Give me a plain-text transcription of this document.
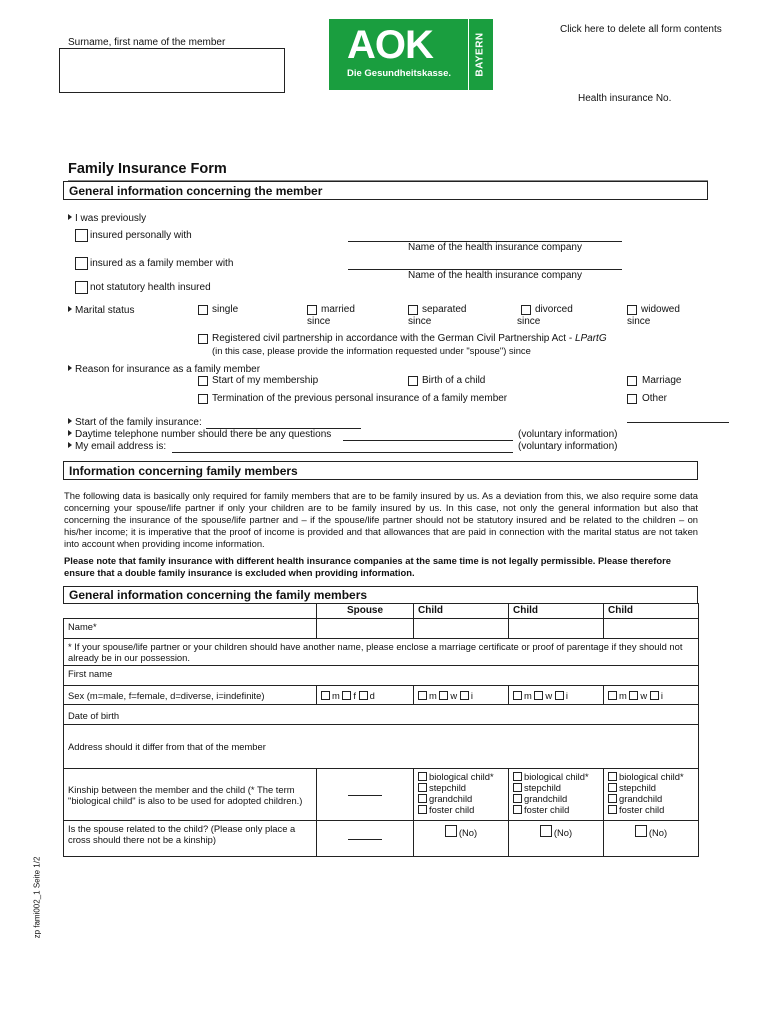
Click here to delete all form contents
Surname, first name of the member	AOK
Die Gesundheitskasse. BAYERN
Health insurance No.
Family Insurance Form
General information concerning the member
I was previously
insured personally with
Name of the health insurance company
insured as a family member with
Name of the health insurance company
not statutory health insured
Marital status	single	married
since
separated
since
divorced
since
widowed
since
Registered civil partnership in accordance with the German Civil Partnership Act - LPartG
(in this case, please provide the information requested under "spouse") since
Reason for insurance as a family member
Start of my membership	Birth of a child	Marriage
Termination of the previous personal insurance of a family member	Other
Start of the family insurance:
Daytime telephone number should there be any questions	(voluntary information)
My email address is:	(voluntary information)
Information concerning family members
The following data is basically only required for family members that are to be family insured by us. As a deviation from this, we also require some data concerning your spouse/life partner if only your children are to be family insured by us. In this case, not only the general information but also that concerning the insurance of the spouse/life partner and – if the spouse/life partner should not be statutory insured and be related to the children – on his/her income; it is imperative that the proof of income is provided and that allowances that are paid in connection with the marital status are not taken into account when providing income information.
Please note that family insurance with different health insurance companies at the same time is not legally permissible. Please therefore ensure that a double family insurance is excluded when providing information.
General information concerning the family members
	Spouse	Child	Child	Child
Name*				
* If your spouse/life partner or your children should have another name, please enclose a marriage certificate or proof of parentage if they should not already be in our possession.				
First name				
Sex (m=male, f=female, d=diverse, i=indefinite)	m f d	m w i	m w i	m w i
Date of birth				
Address should it differ from that of the member				
Kinship between the member and the child (* The term "biological child" is also to be used for adopted children.)		biological child*
stepchild
grandchild
foster child	biological child*
stepchild
grandchild
foster child	biological child*
stepchild
grandchild
foster child

Is the spouse related to the child? (Please only place a cross should there not be a kinship)		(No)	(No)	(No)
zp fami002_1 Seite 1/2
